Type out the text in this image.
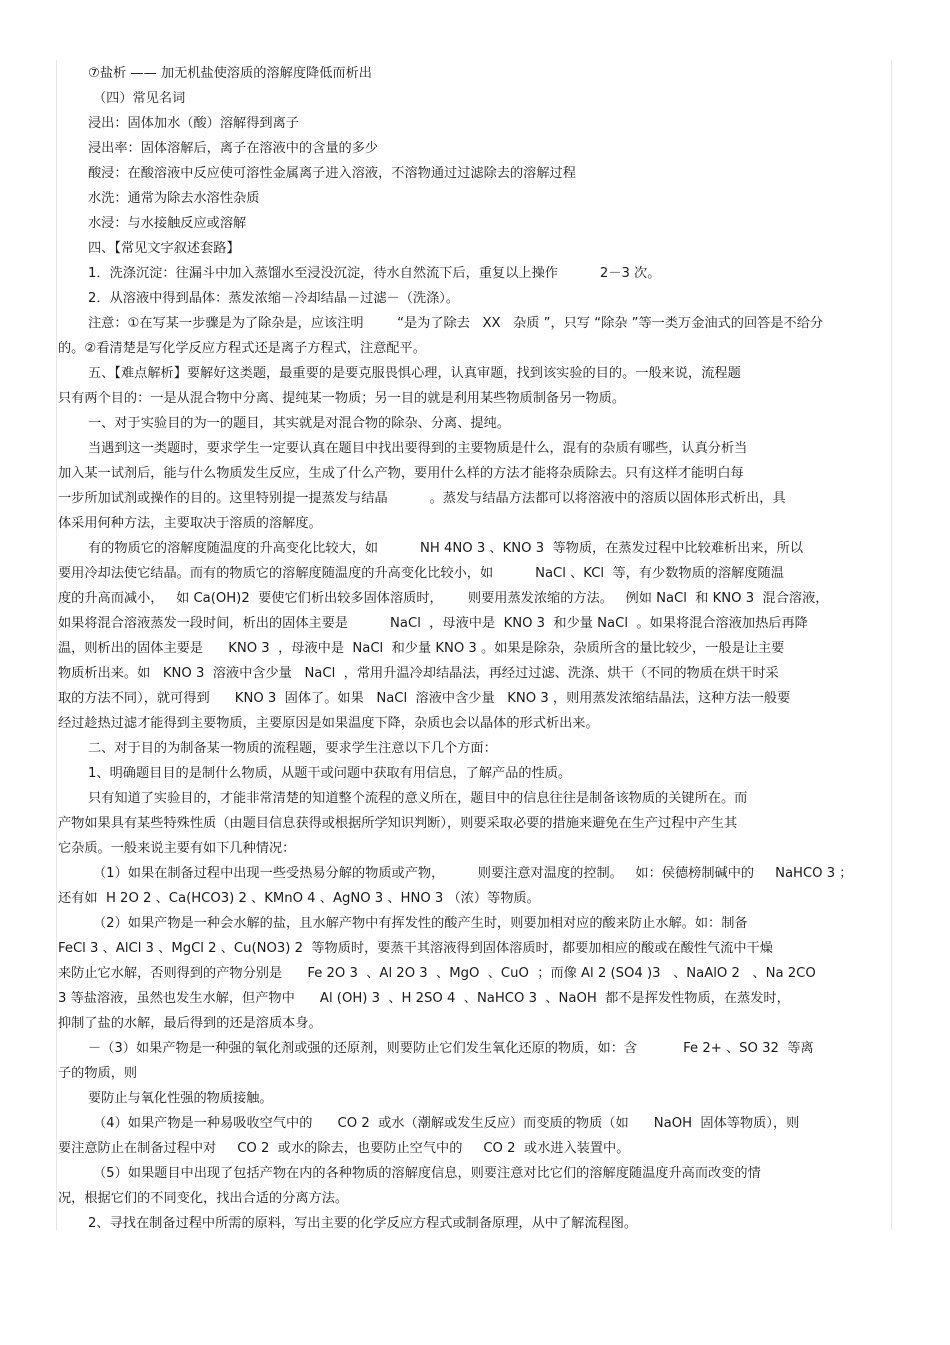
⑦盐析 —— 加无机盐使溶质的溶解度降低而析出
（四）常见名词
浸出：固体加水（酸）溶解得到离子
浸出率：固体溶解后，离子在溶液中的含量的多少
酸浸：在酸溶液中反应使可溶性金属离子进入溶液，不溶物通过过滤除去的溶解过程
水洗：通常为除去水溶性杂质
水浸：与水接触反应或溶解
四、【常见文字叙述套路】
1．洗涤沉淀：往漏斗中加入蒸馏水至浸没沉淀，待水自然流下后，重复以上操作          2－3 次。
2．从溶液中得到晶体：蒸发浓缩－冷却结晶－过滤－（洗涤）。
注意：①在写某一步骤是为了除杂是，应该注明        “是为了除去   XX   杂质 ”，只写 “除杂 ”等一类万金油式的回答是不给分
的。②看清楚是写化学反应方程式还是离子方程式，注意配平。
五、【难点解析】要解好这类题，最重要的是要克服畏惧心理，认真审题，找到该实验的目的。一般来说，流程题
只有两个目的：一是从混合物中分离、提纯某一物质；另一目的就是利用某些物质制备另一物质。
一、对于实验目的为一的题目，其实就是对混合物的除杂、分离、提纯。
当遇到这一类题时，要求学生一定要认真在题目中找出要得到的主要物质是什么，混有的杂质有哪些，认真分析当
加入某一试剂后，能与什么物质发生反应，生成了什么产物，要用什么样的方法才能将杂质除去。只有这样才能明白每
一步所加试剂或操作的目的。这里特别提一提蒸发与结晶          。蒸发与结晶方法都可以将溶液中的溶质以固体形式析出，具
体采用何种方法，主要取决于溶质的溶解度。
有的物质它的溶解度随温度的升高变化比较大，如          NH 4NO 3 、KNO 3  等物质，在蒸发过程中比较难析出来，所以
要用冷却法使它结晶。而有的物质它的溶解度随温度的升高变化比较小，如          NaCl 、KCl  等，有少数物质的溶解度随温
度的升高而减小，   如 Ca(OH)2  要使它们析出较多固体溶质时，      则要用蒸发浓缩的方法。   例如 NaCl  和 KNO 3  混合溶液，
如果将混合溶液蒸发一段时间，析出的固体主要是          NaCl  ，母液中是  KNO 3  和少量 NaCl  。如果将混合溶液加热后再降
温，则析出的固体主要是      KNO 3  ，母液中是  NaCl  和少量 KNO 3 。如果是除杂，杂质所含的量比较少，一般是让主要
物质析出来。如   KNO 3  溶液中含少量   NaCl  ，常用升温冷却结晶法，再经过过滤、洗涤、烘干（不同的物质在烘干时采
取的方法不同），就可得到      KNO 3  固体了。如果   NaCl  溶液中含少量   KNO 3 ，则用蒸发浓缩结晶法，这种方法一般要
经过趁热过滤才能得到主要物质，主要原因是如果温度下降，杂质也会以晶体的形式析出来。
二、对于目的为制备某一物质的流程题，要求学生注意以下几个方面：
1、明确题目目的是制什么物质，从题干或问题中获取有用信息，了解产品的性质。
只有知道了实验目的，才能非常清楚的知道整个流程的意义所在，题目中的信息往往是制备该物质的关键所在。而
产物如果具有某些特殊性质（由题目信息获得或根据所学知识判断），则要采取必要的措施来避免在生产过程中产生其
它杂质。一般来说主要有如下几种情况：
（1）如果在制备过程中出现一些受热易分解的物质或产物，        则要注意对温度的控制。   如：侯德榜制碱中的     NaHCO 3 ；
还有如  H 2O 2 、Ca(HCO3) 2 、KMnO 4 、AgNO 3 、HNO 3 （浓）等物质。
（2）如果产物是一种会水解的盐，且水解产物中有挥发性的酸产生时，则要加相对应的酸来防止水解。如：制备
FeCl 3 、AlCl 3 、MgCl 2 、Cu(NO3) 2  等物质时，要蒸干其溶液得到固体溶质时，都要加相应的酸或在酸性气流中干燥
来防止它水解，否则得到的产物分别是      Fe 2O 3  、Al 2O 3  、MgO  、CuO  ；而像 Al 2 (SO4 )3   、NaAlO 2   、Na 2CO
3 等盐溶液，虽然也发生水解，但产物中      Al (OH) 3  、H 2SO 4  、NaHCO 3  、NaOH  都不是挥发性物质，在蒸发时，
抑制了盐的水解，最后得到的还是溶质本身。
－（3）如果产物是一种强的氧化剂或强的还原剂，则要防止它们发生氧化还原的物质，如：含           Fe 2+ 、SO 32  等离
子的物质，则
要防止与氧化性强的物质接触。
（4）如果产物是一种易吸收空气中的      CO 2  或水（潮解或发生反应）而变质的物质（如      NaOH  固体等物质），则
要注意防止在制备过程中对     CO 2  或水的除去，也要防止空气中的     CO 2  或水进入装置中。
（5）如果题目中出现了包括产物在内的各种物质的溶解度信息，则要注意对比它们的溶解度随温度升高而改变的情
况，根据它们的不同变化，找出合适的分离方法。
2、寻找在制备过程中所需的原料，写出主要的化学反应方程式或制备原理，从中了解流程图。
